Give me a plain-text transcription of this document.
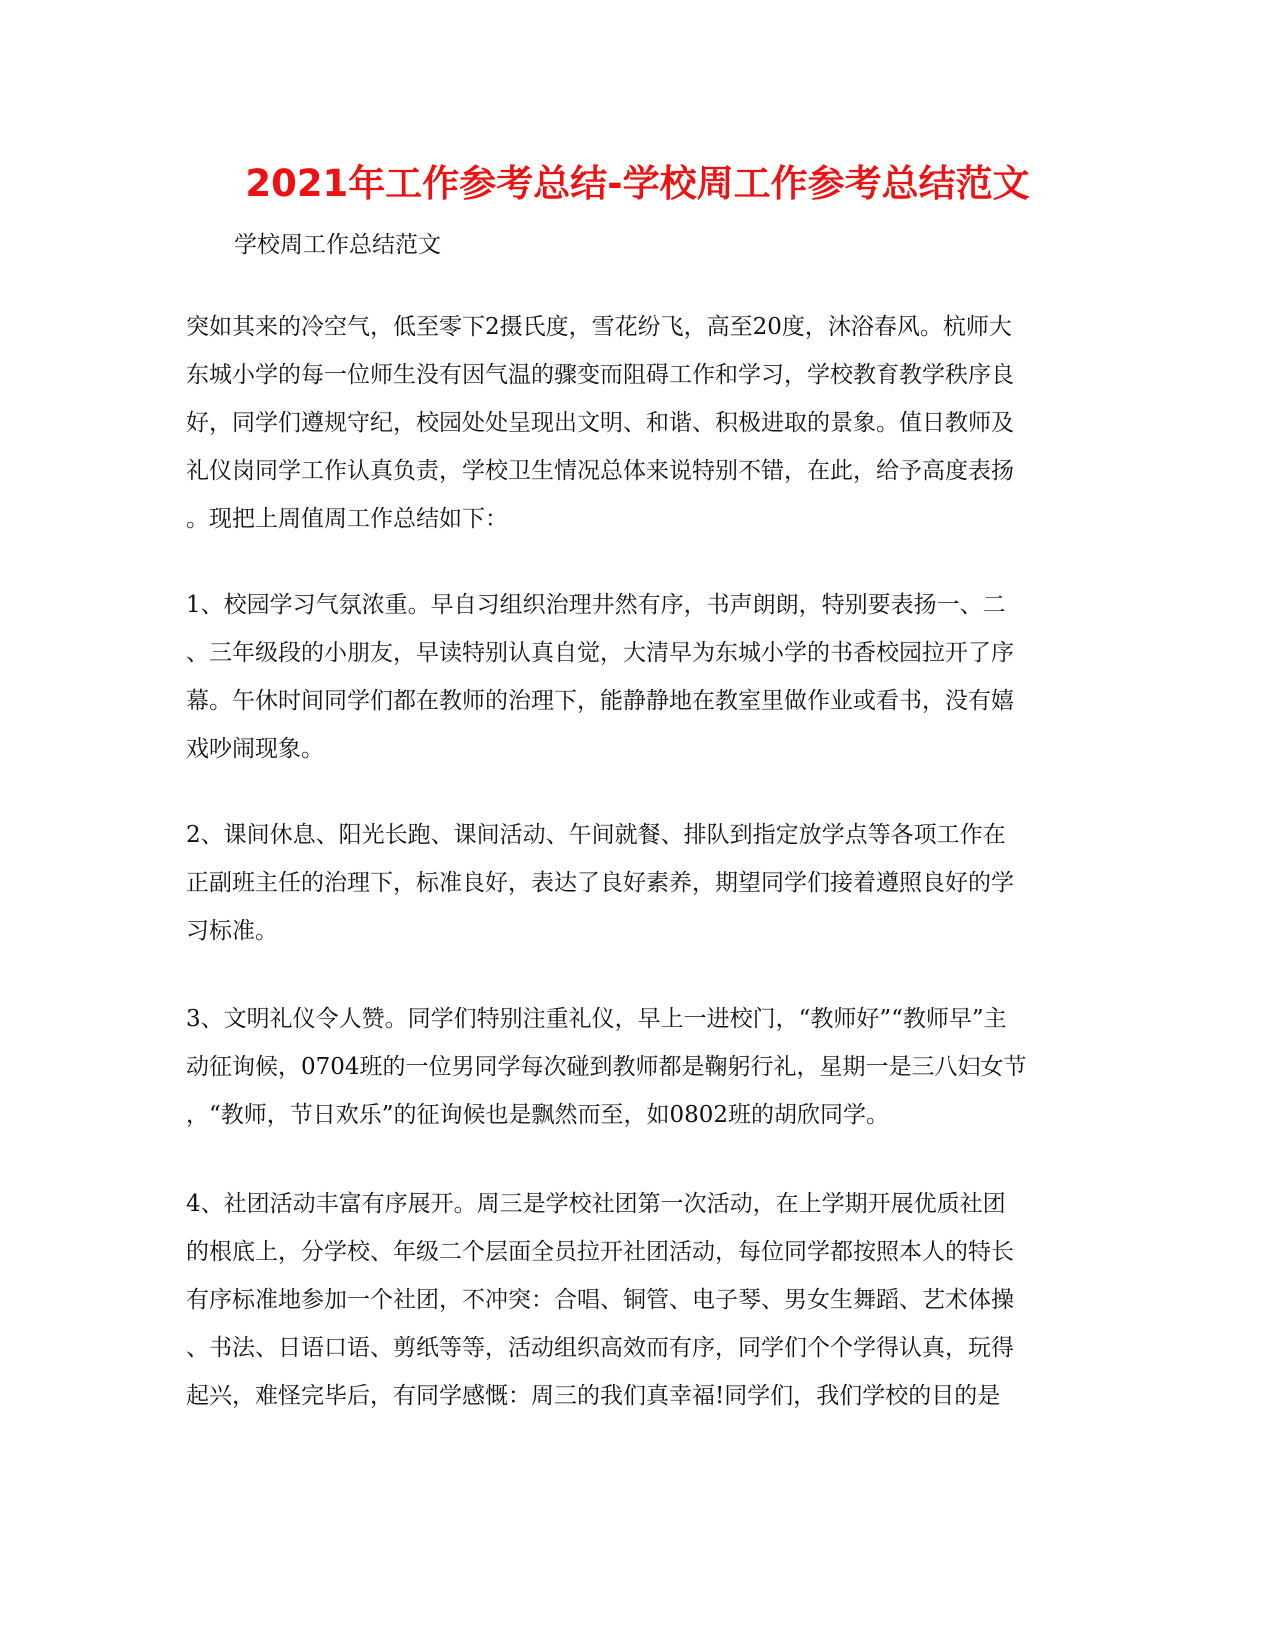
2021年工作参考总结-学校周工作参考总结范文

学校周工作总结范文

突如其来的冷空气，低至零下2摄氏度，雪花纷飞，高至20度，沐浴春风。杭师大
东城小学的每一位师生没有因气温的骤变而阻碍工作和学习，学校教育教学秩序良
好，同学们遵规守纪，校园处处呈现出文明、和谐、积极进取的景象。值日教师及
礼仪岗同学工作认真负责，学校卫生情况总体来说特别不错，在此，给予高度表扬
。现把上周值周工作总结如下：
1、校园学习气氛浓重。早自习组织治理井然有序，书声朗朗，特别要表扬一、二
、三年级段的小朋友，早读特别认真自觉，大清早为东城小学的书香校园拉开了序
幕。午休时间同学们都在教师的治理下，能静静地在教室里做作业或看书，没有嬉
戏吵闹现象。
2、课间休息、阳光长跑、课间活动、午间就餐、排队到指定放学点等各项工作在
正副班主任的治理下，标准良好，表达了良好素养，期望同学们接着遵照良好的学
习标准。
3、文明礼仪令人赞。同学们特别注重礼仪，早上一进校门，“教师好”“教师早”主
动征询候，0704班的一位男同学每次碰到教师都是鞠躬行礼，星期一是三八妇女节
，“教师，节日欢乐”的征询候也是飘然而至，如0802班的胡欣同学。
4、社团活动丰富有序展开。周三是学校社团第一次活动，在上学期开展优质社团
的根底上，分学校、年级二个层面全员拉开社团活动，每位同学都按照本人的特长
有序标准地参加一个社团，不冲突：合唱、铜管、电子琴、男女生舞蹈、艺术体操
、书法、日语口语、剪纸等等，活动组织高效而有序，同学们个个学得认真，玩得
起兴，难怪完毕后，有同学感慨：周三的我们真幸福!同学们，我们学校的目的是
